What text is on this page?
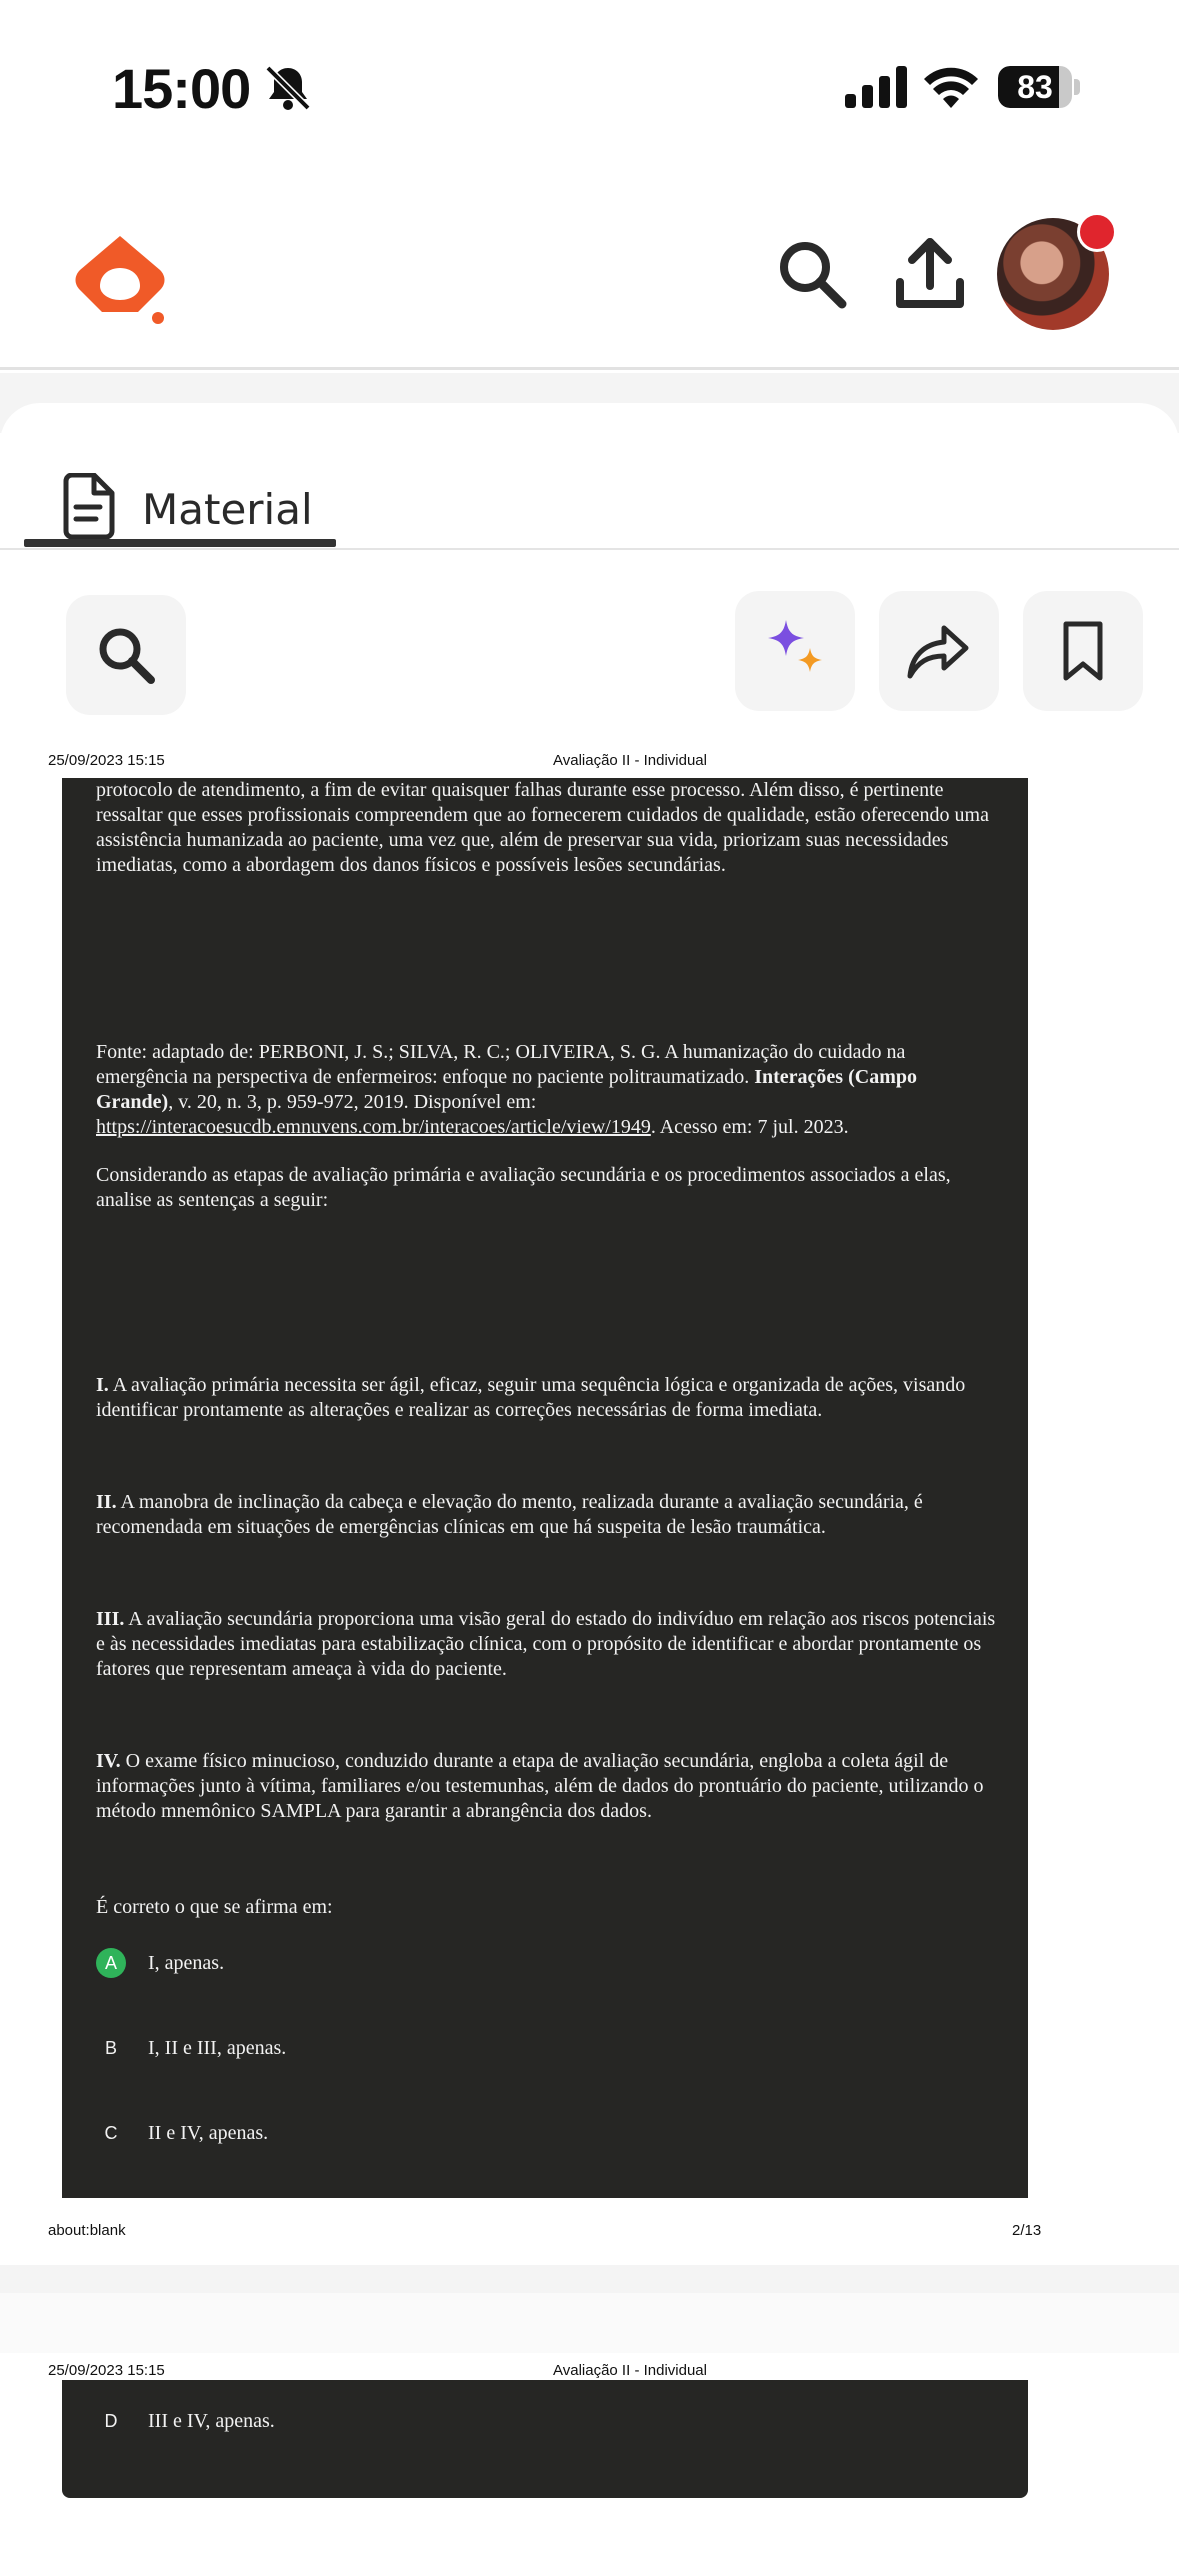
15:00	83
Material
25/09/2023 15:15	Avaliação II - Individual

protocolo de atendimento, a fim de evitar quaisquer falhas durante esse processo. Além disso, é pertinente ressaltar que esses profissionais compreendem que ao fornecerem cuidados de qualidade, estão oferecendo uma assistência humanizada ao paciente, uma vez que, além de preservar sua vida, priorizam suas necessidades imediatas, como a abordagem dos danos físicos e possíveis lesões secundárias.

Fonte: adaptado de: PERBONI, J. S.; SILVA, R. C.; OLIVEIRA, S. G. A humanização do cuidado na emergência na perspectiva de enfermeiros: enfoque no paciente politraumatizado. Interações (Campo Grande), v. 20, n. 3, p. 959-972, 2019. Disponível em: https://interacoesucdb.emnuvens.com.br/interacoes/article/view/1949. Acesso em: 7 jul. 2023.

Considerando as etapas de avaliação primária e avaliação secundária e os procedimentos associados a elas, analise as sentenças a seguir:

I. A avaliação primária necessita ser ágil, eficaz, seguir uma sequência lógica e organizada de ações, visando identificar prontamente as alterações e realizar as correções necessárias de forma imediata.

II. A manobra de inclinação da cabeça e elevação do mento, realizada durante a avaliação secundária, é recomendada em situações de emergências clínicas em que há suspeita de lesão traumática.

III. A avaliação secundária proporciona uma visão geral do estado do indivíduo em relação aos riscos potenciais e às necessidades imediatas para estabilização clínica, com o propósito de identificar e abordar prontamente os fatores que representam ameaça à vida do paciente.

IV. O exame físico minucioso, conduzido durante a etapa de avaliação secundária, engloba a coleta ágil de informações junto à vítima, familiares e/ou testemunhas, além de dados do prontuário do paciente, utilizando o método mnemônico SAMPLA para garantir a abrangência dos dados.

É correto o que se afirma em:

A	I, apenas.
B	I, II e III, apenas.
C	II e IV, apenas.
about:blank	2/13
25/09/2023 15:15	Avaliação II - Individual
D	III e IV, apenas.
